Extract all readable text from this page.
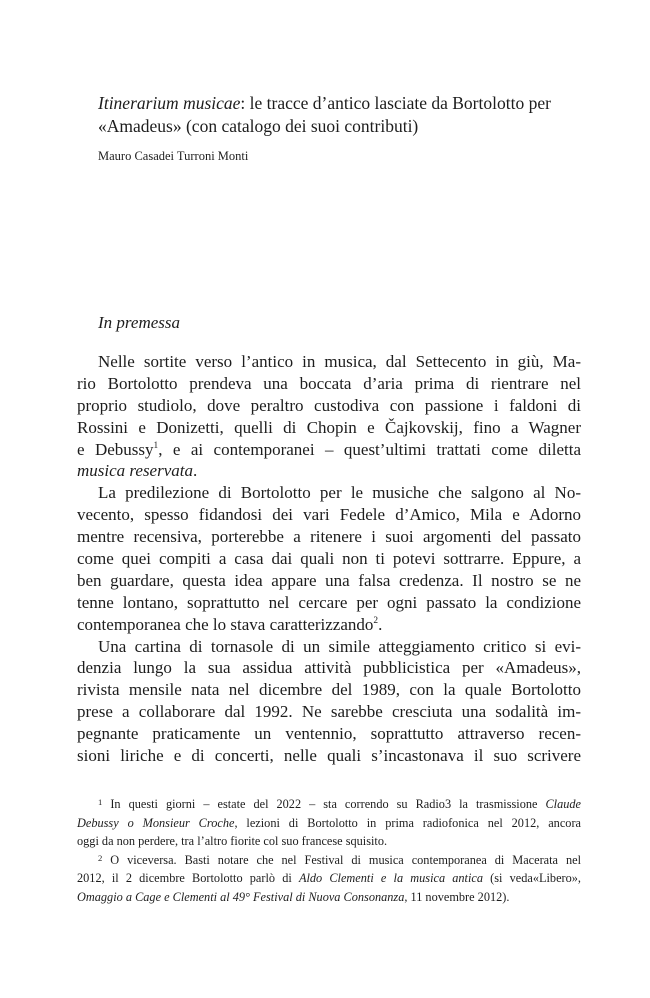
Itinerarium musicae: le tracce d’antico lasciate da Bortolotto per
«Amadeus» (con catalogo dei suoi contributi)

Mauro Casadei Turroni Monti

In premessa
Nelle sortite verso l’antico in musica, dal Settecento in giù, Ma-
rio Bortolotto prendeva una boccata d’aria prima di rientrare nel
proprio studiolo, dove peraltro custodiva con passione i faldoni di
Rossini e Donizetti, quelli di Chopin e Čajkovskij, fino a Wagner
e Debussy$^1$, e ai contemporanei – quest’ultimi trattati come diletta
musica reservata.
La predilezione di Bortolotto per le musiche che salgono al No-
vecento, spesso fidandosi dei vari Fedele d’Amico, Mila e Adorno
mentre recensiva, porterebbe a ritenere i suoi argomenti del passato
come quei compiti a casa dai quali non ti potevi sottrarre. Eppure, a
ben guardare, questa idea appare una falsa credenza. Il nostro se ne
tenne lontano, soprattutto nel cercare per ogni passato la condizione
contemporanea che lo stava caratterizzando$^2$.
Una cartina di tornasole di un simile atteggiamento critico si evi-
denzia lungo la sua assidua attività pubblicistica per «Amadeus»,
rivista mensile nata nel dicembre del 1989, con la quale Bortolotto
prese a collaborare dal 1992. Ne sarebbe cresciuta una sodalità im-
pegnante praticamente un ventennio, soprattutto attraverso recen-
sioni liriche e di concerti, nelle quali s’incastonava il suo scrivere
$^1$ In questi giorni – estate del 2022 – sta correndo su Radio3 la trasmissione Claude
Debussy o Monsieur Croche, lezioni di Bortolotto in prima radiofonica nel 2012, ancora
oggi da non perdere, tra l’altro fiorite col suo francese squisito.
$^2$ O viceversa. Basti notare che nel Festival di musica contemporanea di Macerata nel
2012, il 2 dicembre Bortolotto parlò di Aldo Clementi e la musica antica (si veda«Libero»,
Omaggio a Cage e Clementi al 49° Festival di Nuova Consonanza, 11 novembre 2012).
